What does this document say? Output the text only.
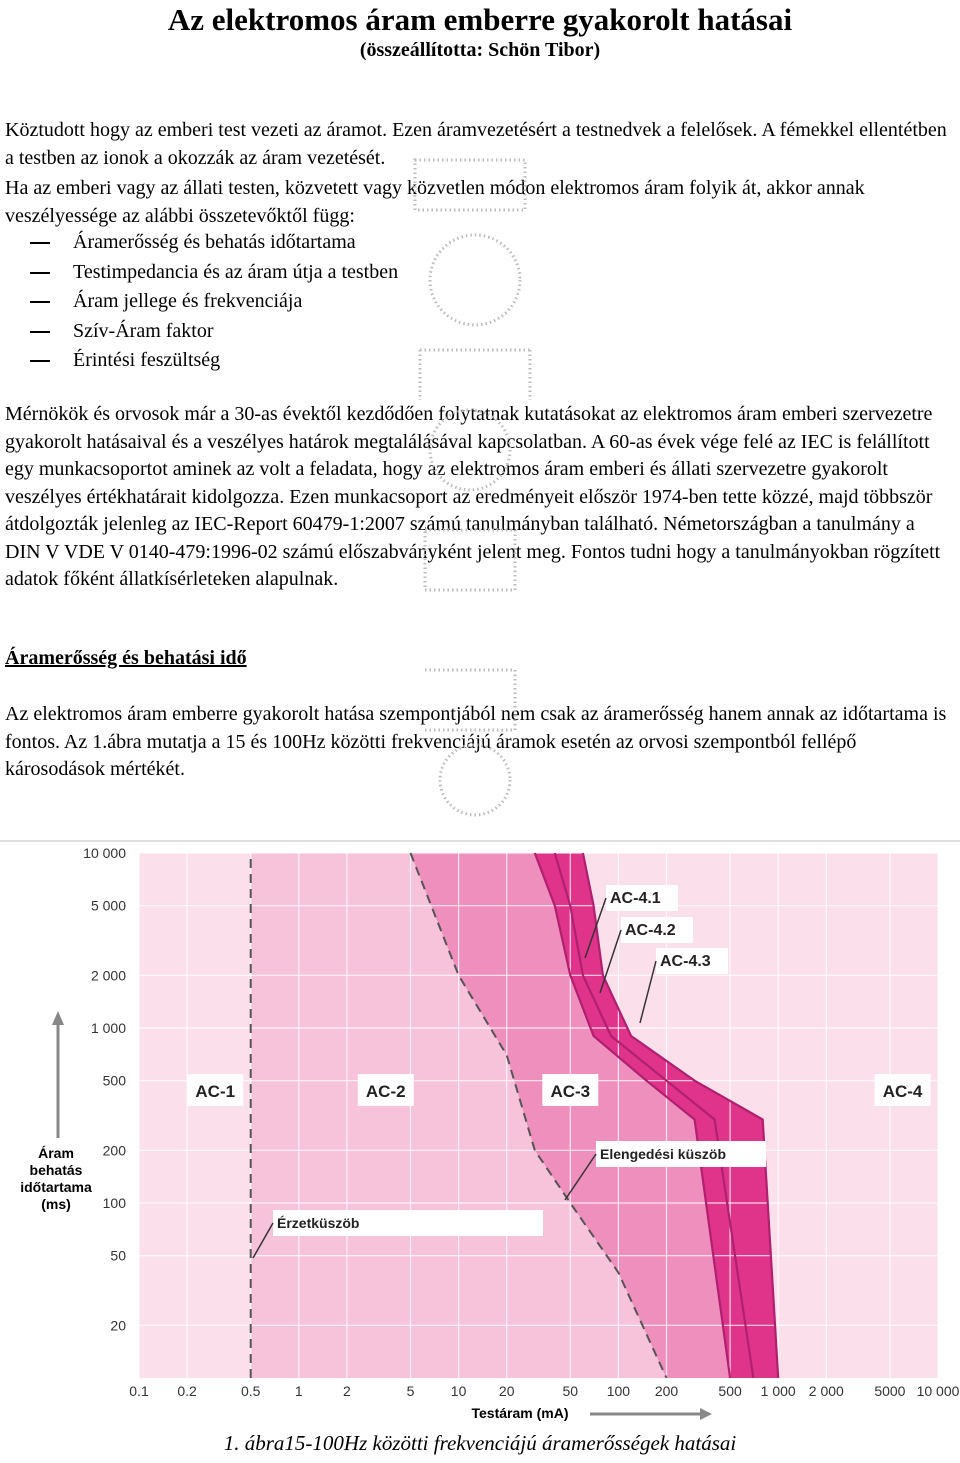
Az elektromos áram emberre gyakorolt hatásai
(összeállította: Schön Tibor)

Köztudott hogy az emberi test vezeti az áramot. Ezen áramvezetésért a testnedvek a felelősek. A fémekkel ellentétben a testben az ionok a okozzák az áram vezetését.

Ha az emberi vagy az állati testen, közvetett vagy közvetlen módon elektromos áram folyik át, akkor annak veszélyessége az alábbi összetevőktől függ:

Áramerősség és behatás időtartama
Testimpedancia és az áram útja a testben
Áram jellege és frekvenciája
Szív-Áram faktor
Érintési feszültség

Mérnökök és orvosok már a 30-as évektől kezdődően folytatnak kutatásokat az elektromos áram emberi szervezetre gyakorolt hatásaival és a veszélyes határok megtalálásával kapcsolatban. A 60-as évek vége felé az IEC is felállított egy munkacsoportot aminek az volt a feladata, hogy az elektromos áram emberi és állati szervezetre gyakorolt veszélyes értékhatárait kidolgozza. Ezen munkacsoport az eredményeit először 1974-ben tette közzé, majd többször átdolgozták jelenleg az IEC-Report 60479-1:2007 számú tanulmányban található. Németországban a tanulmány a DIN V VDE V 0140-479:1996-02 számú előszabványként jelent meg. Fontos tudni hogy a tanulmányokban rögzített adatok főként állatkísérleteken alapulnak.

Áramerősség és behatási idő

Az elektromos áram emberre gyakorolt hatása szempontjából nem csak az áramerősség hanem annak az időtartama is fontos. Az 1.ábra mutatja a 15 és 100Hz közötti frekvenciájú áramok esetén az orvosi szempontból fellépő károsodások mértékét.

0.1 0.2	0.5 1	2	5	10 20	50 100 200	500 1 000 2 000 5000 10 000
10 000
5 000
2 000
1 000
500
200
100
50
20
Testáram (mA)
Áram
behatás
időtartama
(ms)
AC-1	AC-2	AC-3	AC-4
AC-4.1
AC-4.2
AC-4.3
Elengedési küszöb
Érzetküszöb
1. ábra15-100Hz közötti frekvenciájú áramerősségek hatásai
